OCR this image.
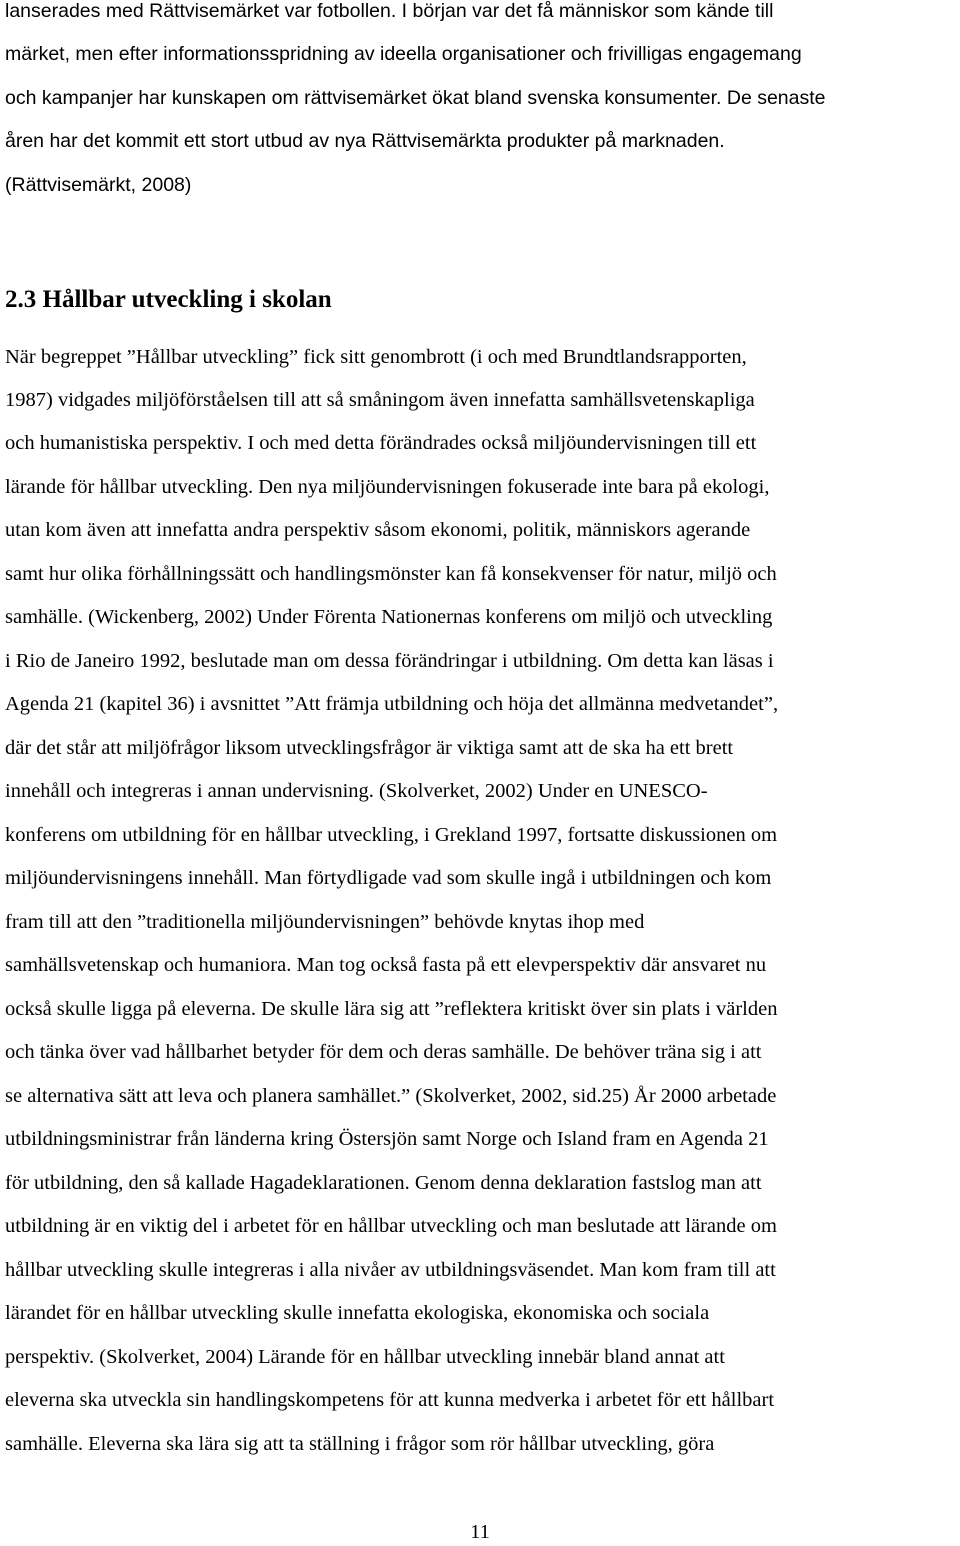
lanserades med Rättvisemärket var fotbollen. I början var det få människor som kände till
märket, men efter informationsspridning av ideella organisationer och frivilligas engagemang
och kampanjer har kunskapen om rättvisemärket ökat bland svenska konsumenter. De senaste
åren har det kommit ett stort utbud av nya Rättvisemärkta produkter på marknaden.
(Rättvisemärkt, 2008)
2.3 Hållbar utveckling i skolan
När begreppet ”Hållbar utveckling” fick sitt genombrott (i och med Brundtlandsrapporten,
1987) vidgades miljöförståelsen till att så småningom även innefatta samhällsvetenskapliga
och humanistiska perspektiv. I och med detta förändrades också miljöundervisningen till ett
lärande för hållbar utveckling. Den nya miljöundervisningen fokuserade inte bara på ekologi,
utan kom även att innefatta andra perspektiv såsom ekonomi, politik, människors agerande
samt hur olika förhållningssätt och handlingsmönster kan få konsekvenser för natur, miljö och
samhälle. (Wickenberg, 2002) Under Förenta Nationernas konferens om miljö och utveckling
i Rio de Janeiro 1992, beslutade man om dessa förändringar i utbildning. Om detta kan läsas i
Agenda 21 (kapitel 36) i avsnittet ”Att främja utbildning och höja det allmänna medvetandet”,
där det står att miljöfrågor liksom utvecklingsfrågor är viktiga samt att de ska ha ett brett
innehåll och integreras i annan undervisning. (Skolverket, 2002) Under en UNESCO-
konferens om utbildning för en hållbar utveckling, i Grekland 1997, fortsatte diskussionen om
miljöundervisningens innehåll. Man förtydligade vad som skulle ingå i utbildningen och kom
fram till att den ”traditionella miljöundervisningen” behövde knytas ihop med
samhällsvetenskap och humaniora. Man tog också fasta på ett elevperspektiv där ansvaret nu
också skulle ligga på eleverna. De skulle lära sig att ”reflektera kritiskt över sin plats i världen
och tänka över vad hållbarhet betyder för dem och deras samhälle. De behöver träna sig i att
se alternativa sätt att leva och planera samhället.” (Skolverket, 2002, sid.25) År 2000 arbetade
utbildningsministrar från länderna kring Östersjön samt Norge och Island fram en Agenda 21
för utbildning, den så kallade Hagadeklarationen. Genom denna deklaration fastslog man att
utbildning är en viktig del i arbetet för en hållbar utveckling och man beslutade att lärande om
hållbar utveckling skulle integreras i alla nivåer av utbildningsväsendet. Man kom fram till att
lärandet för en hållbar utveckling skulle innefatta ekologiska, ekonomiska och sociala
perspektiv. (Skolverket, 2004) Lärande för en hållbar utveckling innebär bland annat att
eleverna ska utveckla sin handlingskompetens för att kunna medverka i arbetet för ett hållbart
samhälle. Eleverna ska lära sig att ta ställning i frågor som rör hållbar utveckling, göra
11
